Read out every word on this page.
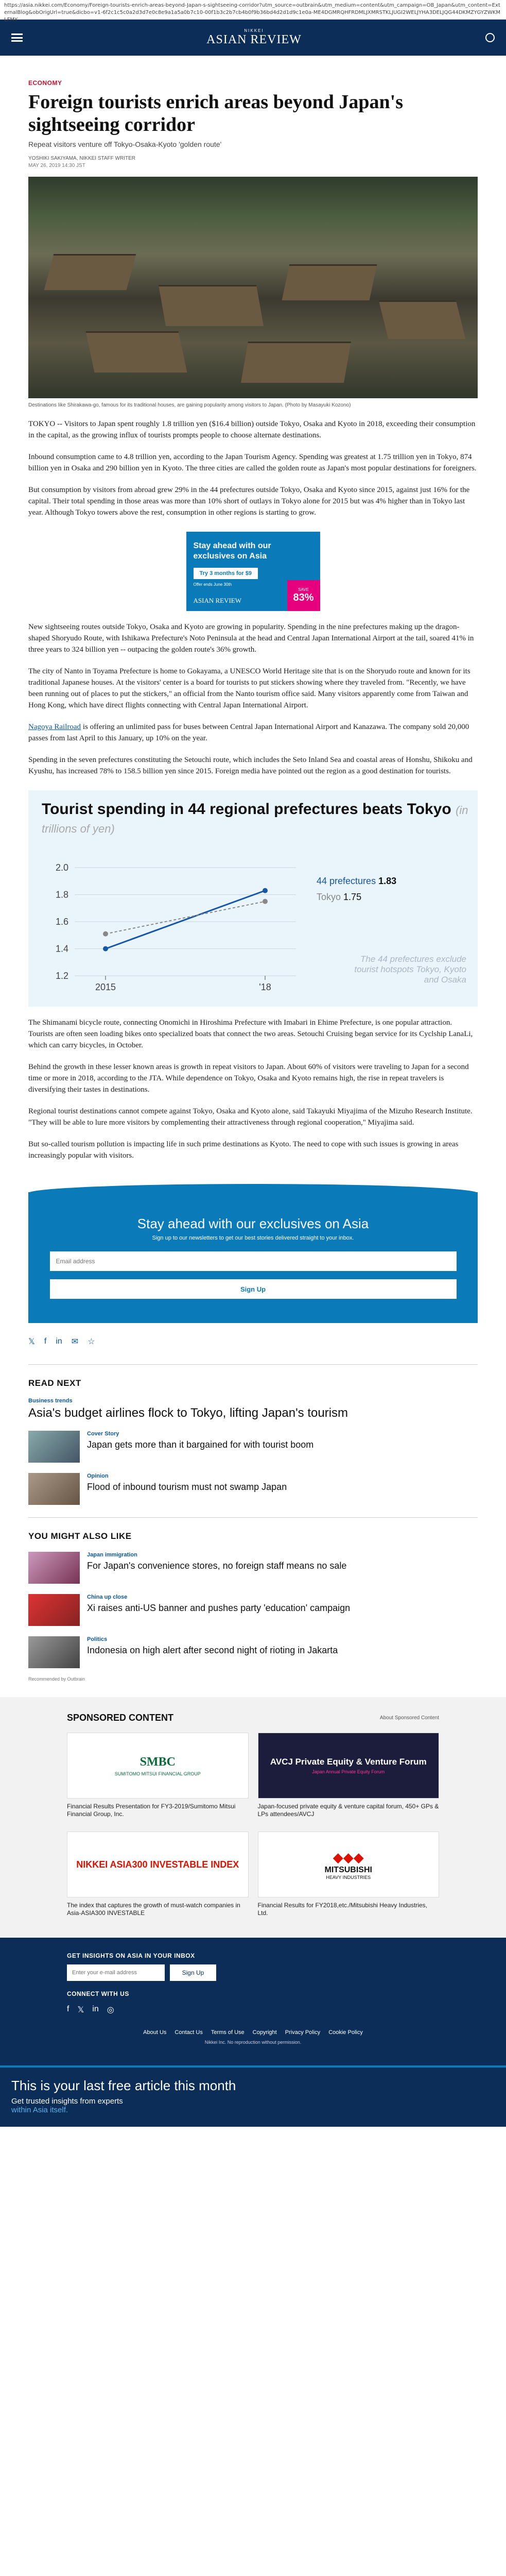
https://asia.nikkei.com/Economy/Foreign-tourists-enrich-areas-beyond-Japan-s-sightseeing-corridor?utm_source=outbrain&utm_medium=content&utm_campaign=OB_Japan&utm_content=ExternalBlog&obOrigUrl=true&dicbo=v1-6f2c1c5c0a2d3d7e0c8e9a1a5a0b7c10-00f1b3c2b7cb4b0f9b36bd4d2d1d9c1e0a-ME4DGMRQHFRDMLJXMRSTKLJUGI2WELJYHA3DELJQG44DKMZYGYZWKMLFMY
NIKKEI
ASIAN REVIEW
ECONOMY
Foreign tourists enrich areas beyond Japan's sightseeing corridor
Repeat visitors venture off Tokyo-Osaka-Kyoto 'golden route'
YOSHIKI SAKIYAMA, NIKKEI STAFF WRITER
MAY 26, 2019 14:30 JST
Destinations like Shirakawa-go, famous for its traditional houses, are gaining popularity among visitors to Japan. (Photo by Masayuki Kozono)

TOKYO -- Visitors to Japan spent roughly 1.8 trillion yen ($16.4 billion) outside Tokyo, Osaka and Kyoto in 2018, exceeding their consumption in the capital, as the growing influx of tourists prompts people to choose alternate destinations.

Inbound consumption came to 4.8 trillion yen, according to the Japan Tourism Agency. Spending was greatest at 1.75 trillion yen in Tokyo, 874 billion yen in Osaka and 290 billion yen in Kyoto. The three cities are called the golden route as Japan's most popular destinations for foreigners.

But consumption by visitors from abroad grew 29% in the 44 prefectures outside Tokyo, Osaka and Kyoto since 2015, against just 16% for the capital. Their total spending in those areas was more than 10% short of outlays in Tokyo alone for 2015 but was 4% higher than in Tokyo last year. Although Tokyo towers above the rest, consumption in other regions is starting to grow.

Stay ahead with our exclusives on Asia
Try 3 months for $9
Offer ends June 30th
ASIAN REVIEW
SAVE
83%

New sightseeing routes outside Tokyo, Osaka and Kyoto are growing in popularity. Spending in the nine prefectures making up the dragon-shaped Shoryudo Route, with Ishikawa Prefecture's Noto Peninsula at the head and Central Japan International Airport at the tail, soared 41% in three years to 324 billion yen -- outpacing the golden route's 36% growth.

The city of Nanto in Toyama Prefecture is home to Gokayama, a UNESCO World Heritage site that is on the Shoryudo route and known for its traditional Japanese houses. At the visitors' center is a board for tourists to put stickers showing where they traveled from. "Recently, we have been running out of places to put the stickers," an official from the Nanto tourism office said. Many visitors apparently come from Taiwan and Hong Kong, which have direct flights connecting with Central Japan International Airport.

Nagoya Railroad is offering an unlimited pass for buses between Central Japan International Airport and Kanazawa. The company sold 20,000 passes from last April to this January, up 10% on the year.

Spending in the seven prefectures constituting the Setouchi route, which includes the Seto Inland Sea and coastal areas of Honshu, Shikoku and Kyushu, has increased 78% to 158.5 billion yen since 2015. Foreign media have pointed out the region as a good destination for tourists.

Tourist spending in 44 regional prefectures beats Tokyo (in trillions of yen)
1.2
1.4
1.6
1.8
2.0
2015	'18
44 prefectures 1.83
Tokyo 1.75
The 44 prefectures exclude tourist hotspots Tokyo, Kyoto and Osaka

The Shimanami bicycle route, connecting Onomichi in Hiroshima Prefecture with Imabari in Ehime Prefecture, is one popular attraction. Tourists are often seen loading bikes onto specialized boats that connect the two areas. Setouchi Cruising began service for its Cyclship LanaLi, which can carry bicycles, in October.

Behind the growth in these lesser known areas is growth in repeat visitors to Japan. About 60% of visitors were traveling to Japan for a second time or more in 2018, according to the JTA. While dependence on Tokyo, Osaka and Kyoto remains high, the rise in repeat travelers is diversifying their tastes in destinations.

Regional tourist destinations cannot compete against Tokyo, Osaka and Kyoto alone, said Takayuki Miyajima of the Mizuho Research Institute. "They will be able to lure more visitors by complementing their attractiveness through regional cooperation," Miyajima said.

But so-called tourism pollution is impacting life in such prime destinations as Kyoto. The need to cope with such issues is growing in areas increasingly popular with visitors.

Stay ahead with our exclusives on Asia
Sign up to our newsletters to get our best stories delivered straight to your inbox.
Email address
Sign Up
𝕏 f in ✉ ☆
READ NEXT
Business trends
Asia's budget airlines flock to Tokyo, lifting Japan's tourism
Cover Story
Japan gets more than it bargained for with tourist boom
Opinion
Flood of inbound tourism must not swamp Japan
YOU MIGHT ALSO LIKE
Japan immigration
For Japan's convenience stores, no foreign staff means no sale
China up close
Xi raises anti-US banner and pushes party 'education' campaign
Politics
Indonesia on high alert after second night of rioting in Jakarta
Recommended by Outbrain
SPONSORED CONTENT	About Sponsored Content
SMBC
SUMITOMO MITSUI FINANCIAL GROUP
Financial Results Presentation for FY3-2019/Sumitomo Mitsui Financial Group, Inc.
AVCJ Private Equity & Venture Forum
Japan Annual Private Equity Forum
Japan-focused private equity & venture capital forum, 450+ GPs & LPs attendees/AVCJ
NIKKEI ASIA300 INVESTABLE INDEX
The index that captures the growth of must-watch companies in Asia-ASIA300 INVESTABLE
◆◆◆
MITSUBISHI
HEAVY INDUSTRIES
Financial Results for FY2018,etc./Mitsubishi Heavy Industries, Ltd.
GET INSIGHTS ON ASIA IN YOUR INBOX
Enter your e-mail address
Sign Up
CONNECT WITH US
f 𝕏 in ◎
About Us Contact Us Terms of Use Copyright Privacy Policy Cookie Policy
Nikkei Inc. No reproduction without permission.
This is your last free article this month
Get trusted insights from experts
within Asia itself.
